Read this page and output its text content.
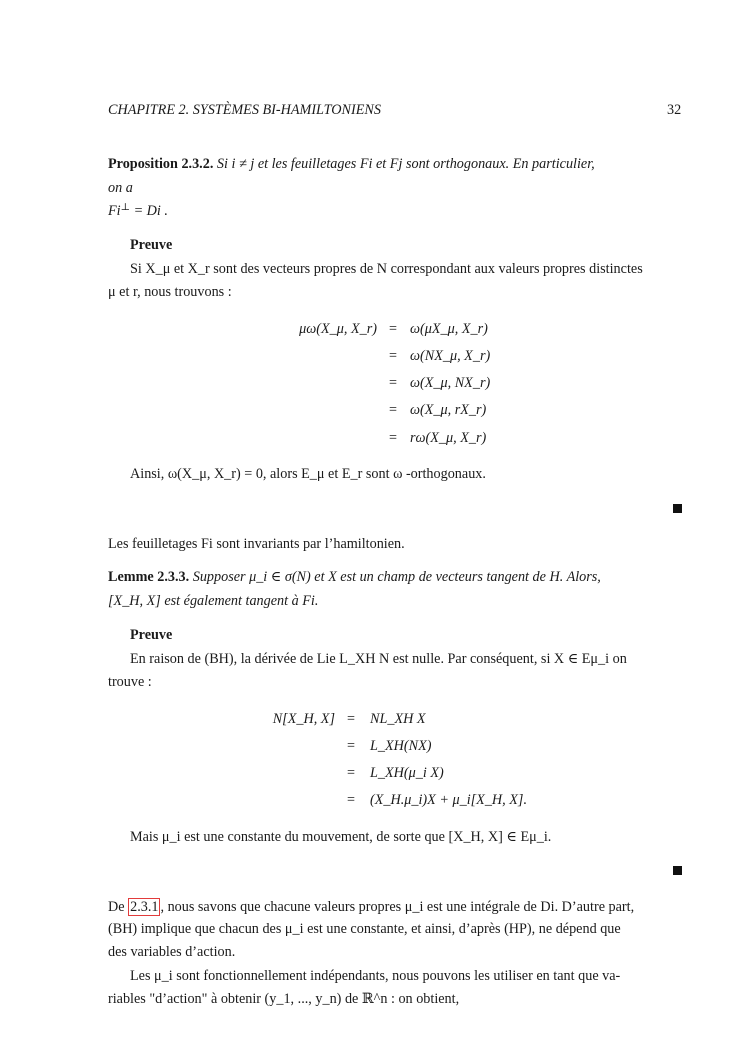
CHAPITRE 2. SYSTÈMES BI-HAMILTONIENS	32
Proposition 2.3.2. Si i ≠ j et les feuilletages Fi et Fj sont orthogonaux. En particulier,
on a
Fi⊥ = Di .
Preuve
Si X_μ et X_r sont des vecteurs propres de N correspondant aux valeurs propres distinctes
μ et r, nous trouvons :
μω(X_μ, X_r) = ω(μX_μ, X_r)
= ω(NX_μ, X_r)
= ω(X_μ, NX_r)
= ω(X_μ, rX_r)
= rω(X_μ, X_r)
Ainsi, ω(X_μ, X_r) = 0, alors E_μ et E_r sont ω -orthogonaux.
Les feuilletages Fi sont invariants par l’hamiltonien.
Lemme 2.3.3. Supposer μ_i ∈ σ(N) et X est un champ de vecteurs tangent de H. Alors,
[X_H, X] est également tangent à Fi.
Preuve
En raison de (BH), la dérivée de Lie L_XH N est nulle. Par conséquent, si X ∈ Eμ_i on
trouve :
N[X_H, X] =	NL_XH X
=	L_XH(NX)
=	L_XH(μ_i X)
=	(X_H.μ_i)X + μ_i[X_H, X].
Mais μ_i est une constante du mouvement, de sorte que [X_H, X] ∈ Eμ_i.
De 2.3.1 , nous savons que chacune valeurs propres μ_i est une intégrale de Di. D’autre part,
(BH) implique que chacun des μ_i est une constante, et ainsi, d’après (HP), ne dépend que
des variables d’action.
Les μ_i sont fonctionnellement indépendants, nous pouvons les utiliser en tant que va-
riables "d’action" à obtenir (y_1, ..., y_n) de ℝ^n : on obtient,
